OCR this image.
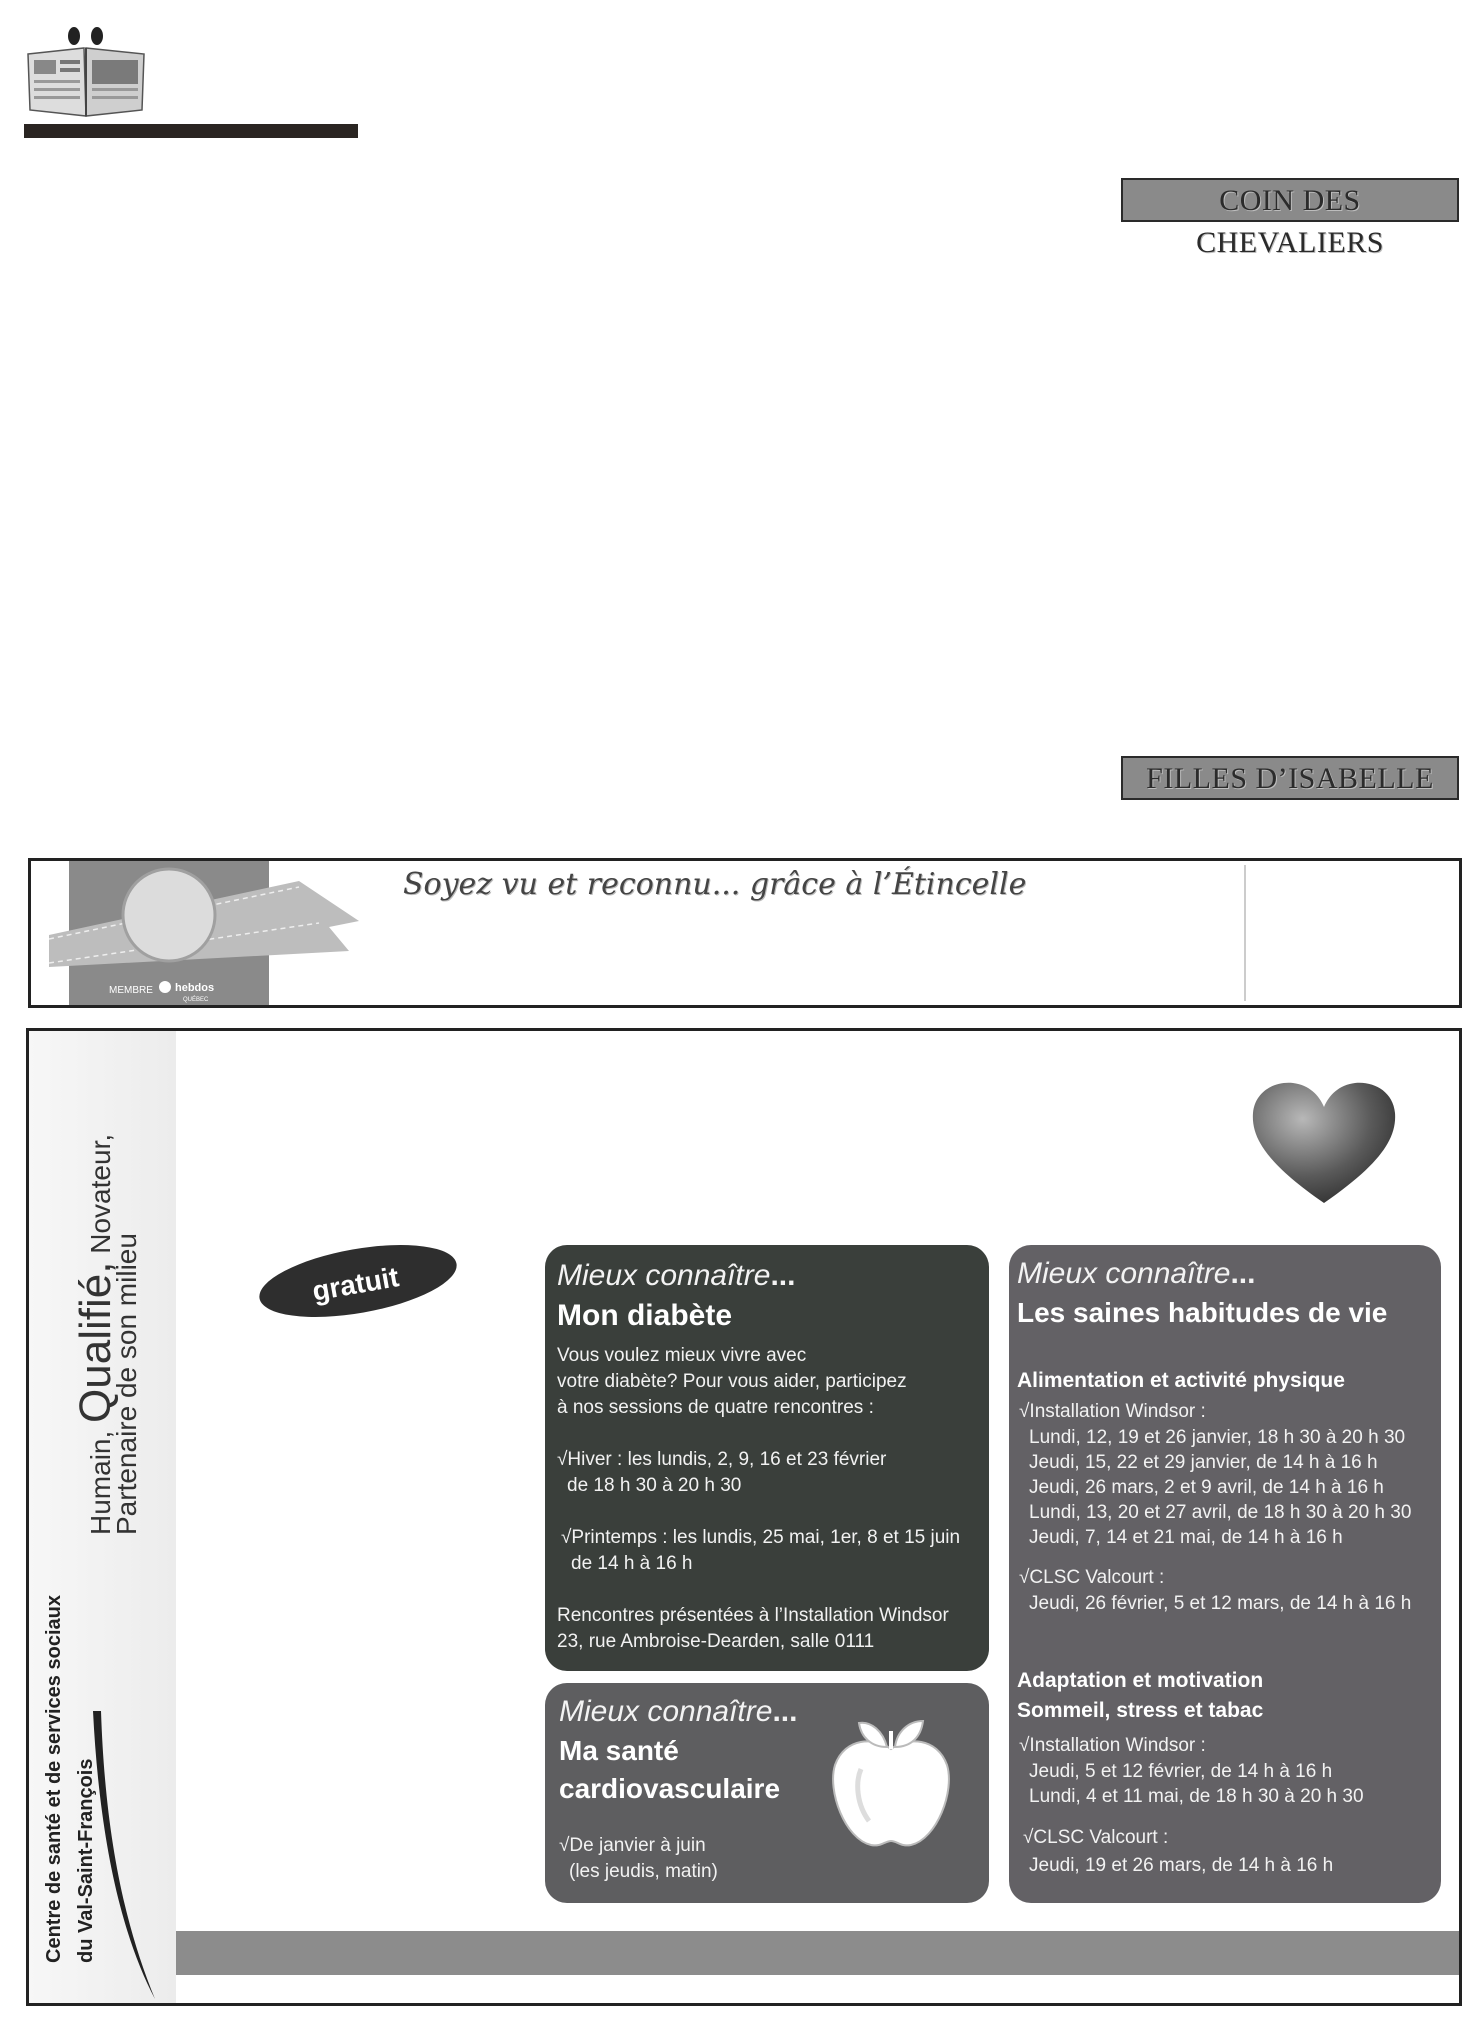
COIN DES CHEVALIERS
FILLES D’ISABELLE
MEMBRE hebdos
QUÉBEC
Soyez vu et reconnu... grâce à l’Étincelle
Humain, Qualifié, Novateur,
Partenaire de son milieu
Centre de santé et de services sociaux du Val-Saint-François
gratuit	Mieux connaître...
Mon diabète
Vous voulez mieux vivre avec
votre diabète? Pour vous aider, participez
à nos sessions de quatre rencontres :
√Hiver : les lundis, 2, 9, 16 et 23 février
de 18 h 30 à 20 h 30
√Printemps : les lundis, 25 mai, 1er, 8 et 15 juin
de 14 h à 16 h
Rencontres présentées à l’Installation Windsor
23, rue Ambroise-Dearden, salle 0111
Mieux connaître...
Ma santé
cardiovasculaire
√De janvier à juin
(les jeudis, matin)
Mieux connaître...
Les saines habitudes de vie
Alimentation et activité physique
√Installation Windsor :
Lundi, 12, 19 et 26 janvier, 18 h 30 à 20 h 30
Jeudi, 15, 22 et 29 janvier, de 14 h à 16 h
Jeudi, 26 mars, 2 et 9 avril, de 14 h à 16 h
Lundi, 13, 20 et 27 avril, de 18 h 30 à 20 h 30
Jeudi, 7, 14 et 21 mai, de 14 h à 16 h
√CLSC Valcourt :
Jeudi, 26 février, 5 et 12 mars, de 14 h à 16 h
Adaptation et motivation
Sommeil, stress et tabac
√Installation Windsor :
Jeudi, 5 et 12 février, de 14 h à 16 h
Lundi, 4 et 11 mai, de 18 h 30 à 20 h 30
√CLSC Valcourt :
Jeudi, 19 et 26 mars, de 14 h à 16 h
